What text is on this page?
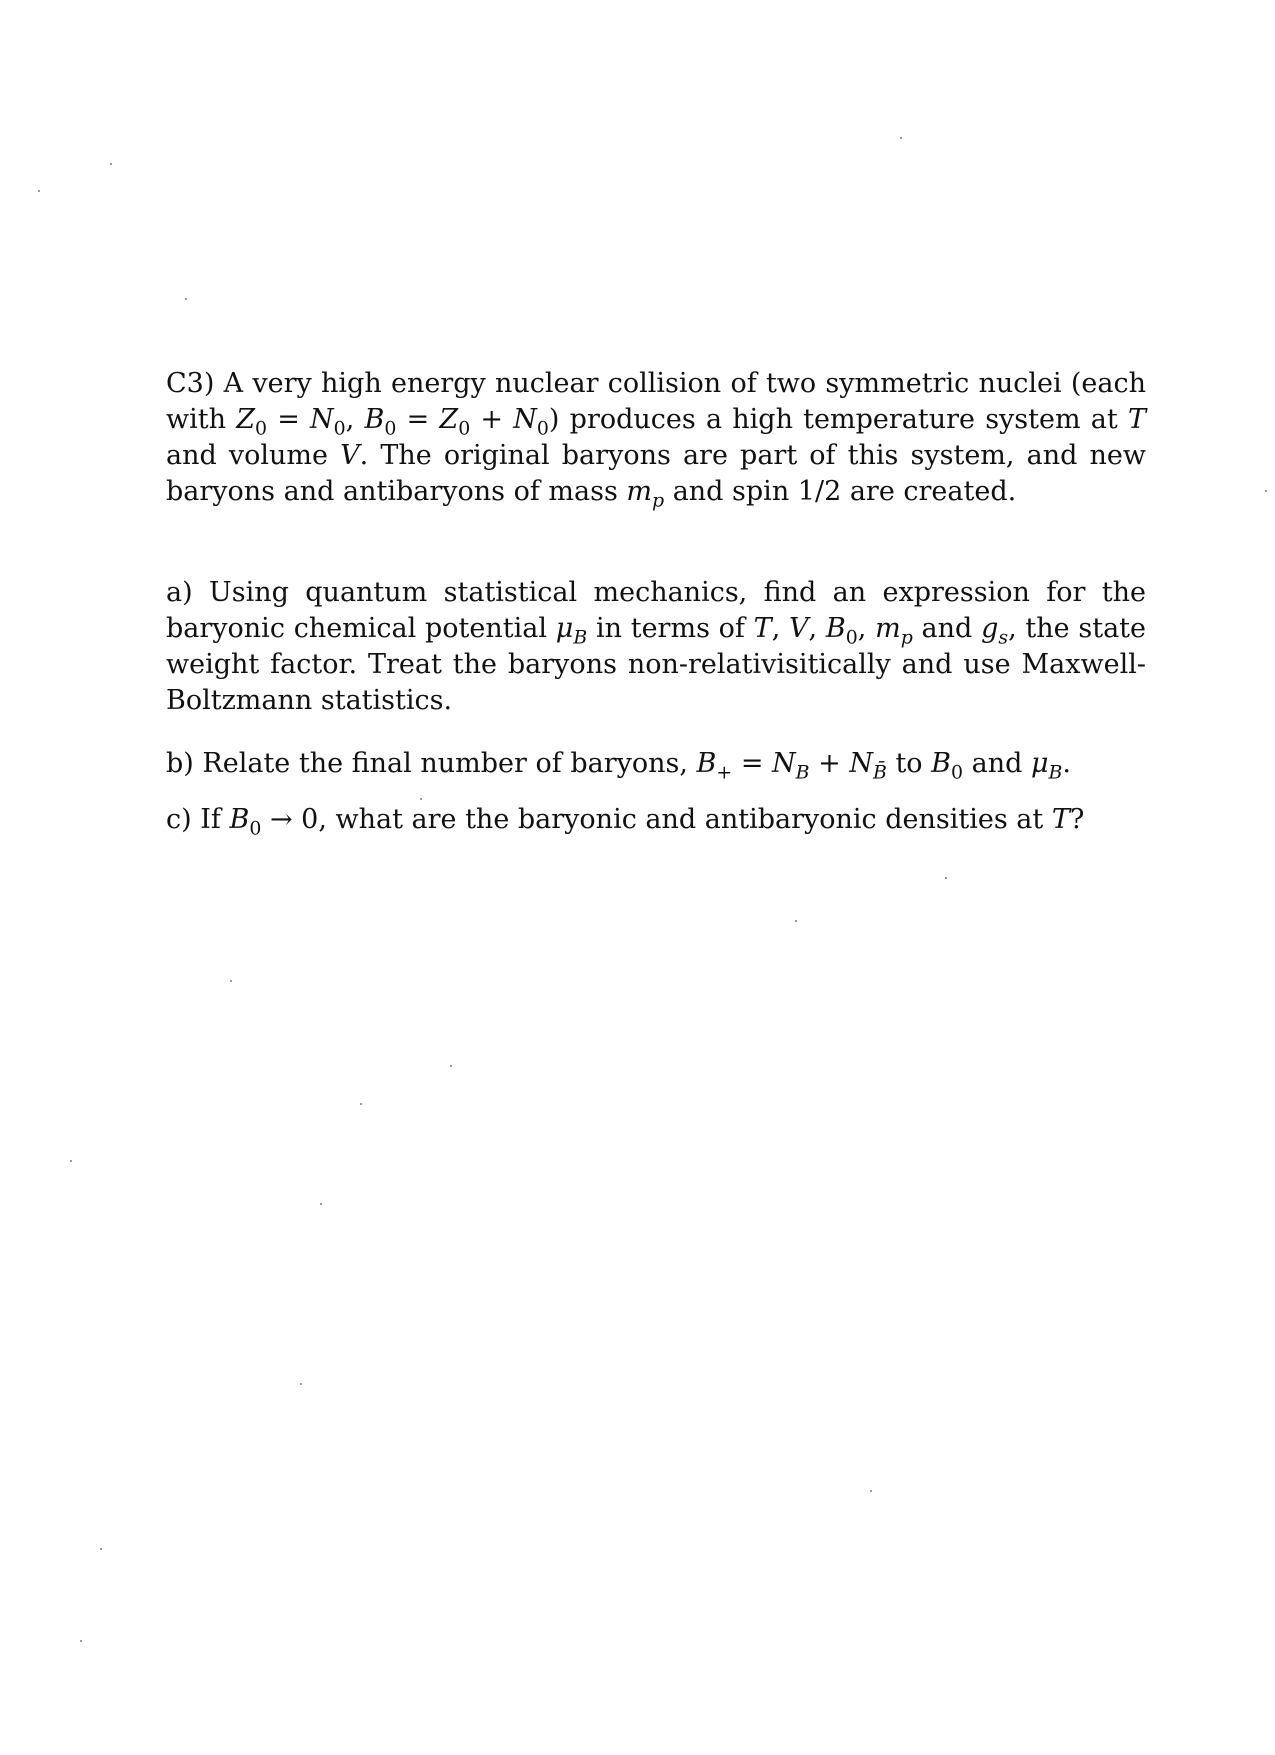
C3) A very high energy nuclear collision of two symmetric nuclei (each with $Z_0 = N_0$, $B_0 = Z_0 + N_0$) produces a high temperature system at T and volume V. The original baryons are part of this system, and new baryons and antibaryons of mass $m_p$ and spin 1/2 are created.

a) Using quantum statistical mechanics, find an expression for the baryonic chemical potential $\mu_B$ in terms of T, V, $B_0$, $m_p$ and $g_s$, the state weight factor. Treat the baryons non-relativisitically and use Maxwell-Boltzmann statistics.

b) Relate the final number of baryons, $B_+ = N_B + N_{B̄}$ to $B_0$ and $\mu_B$.

c) If $B_0 \to 0$, what are the baryonic and antibaryonic densities at T?
